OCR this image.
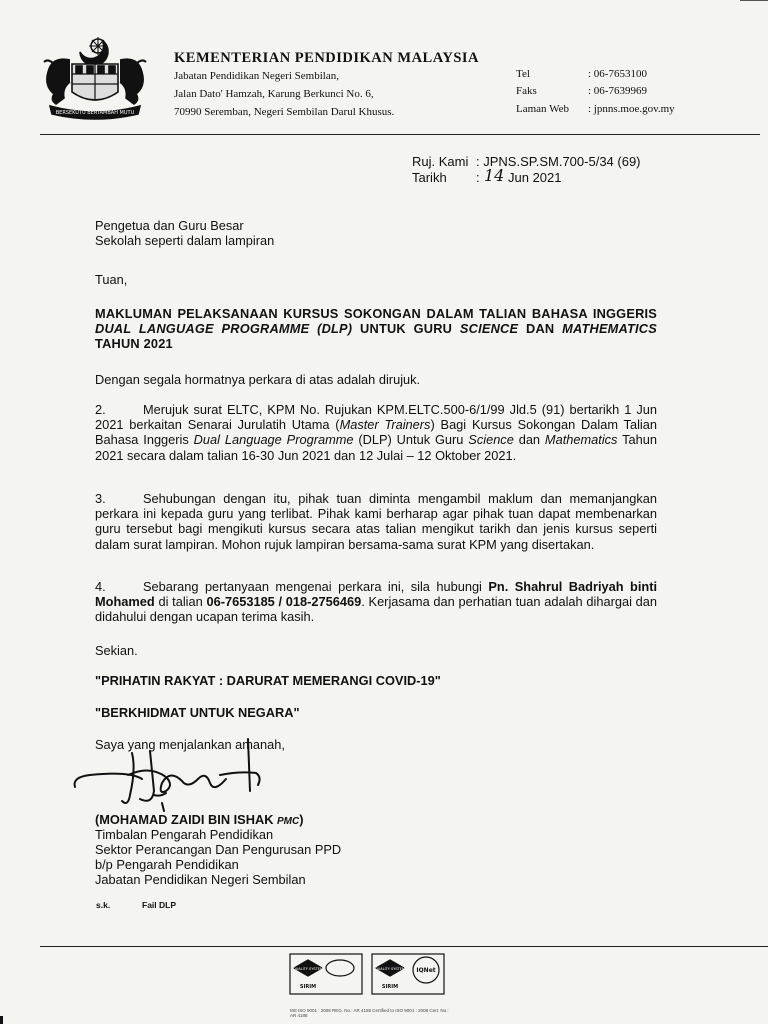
BERSEKUTU BERTAMBAH MUTU
KEMENTERIAN PENDIDIKAN MALAYSIA
Jabatan Pendidikan Negeri Sembilan,
Jalan Dato' Hamzah, Karung Berkunci No. 6,
70990 Seremban, Negeri Sembilan Darul Khusus.
Tel	: 06-7653100
Faks	: 06-7639969
Laman Web : jpnns.moe.gov.my
Ruj. Kami : JPNS.SP.SM.700-5/34 (69)
Tarikh : 14 Jun 2021
Pengetua dan Guru Besar
Sekolah seperti dalam lampiran
Tuan,
MAKLUMAN PELAKSANAAN KURSUS SOKONGAN DALAM TALIAN BAHASA INGGERIS DUAL LANGUAGE PROGRAMME (DLP) UNTUK GURU SCIENCE DAN MATHEMATICS TAHUN 2021
Dengan segala hormatnya perkara di atas adalah dirujuk.

2.	Merujuk surat ELTC, KPM No. Rujukan KPM.ELTC.500-6/1/99 Jld.5 (91) bertarikh 1 Jun 2021 berkaitan Senarai Jurulatih Utama (Master Trainers) Bagi Kursus Sokongan Dalam Talian Bahasa Inggeris Dual Language Programme (DLP) Untuk Guru Science dan Mathematics Tahun 2021 secara dalam talian 16-30 Jun 2021 dan 12 Julai – 12 Oktober 2021.

3.	Sehubungan dengan itu, pihak tuan diminta mengambil maklum dan memanjangkan perkara ini kepada guru yang terlibat. Pihak kami berharap agar pihak tuan dapat membenarkan guru tersebut bagi mengikuti kursus secara atas talian mengikut tarikh dan jenis kursus seperti dalam surat lampiran. Mohon rujuk lampiran bersama-sama surat KPM yang disertakan.

4.	Sebarang pertanyaan mengenai perkara ini, sila hubungi Pn. Shahrul Badriyah binti Mohamed di talian 06-7653185 / 018-2756469. Kerjasama dan perhatian tuan adalah dihargai dan didahului dengan ucapan terima kasih.

Sekian.
"PRIHATIN RAKYAT : DARURAT MEMERANGI COVID-19"
"BERKHIDMAT UNTUK NEGARA"
Saya yang menjalankan amanah,
(MOHAMAD ZAIDI BIN ISHAK PMC)
Timbalan Pengarah Pendidikan
Sektor Perancangan Dan Pengurusan PPD
b/p Pengarah Pendidikan
Jabatan Pendidikan Negeri Sembilan
s.k.	Fail DLP
QUALITY SYSTEM	QUALITY SYSTEM
SIRIM	SIRIM
IQNet
MS ISO 9001 : 2008 REG. No.: AR 4188 Certified to ISO 9001 : 2008 Cert. No.: AR 4188
